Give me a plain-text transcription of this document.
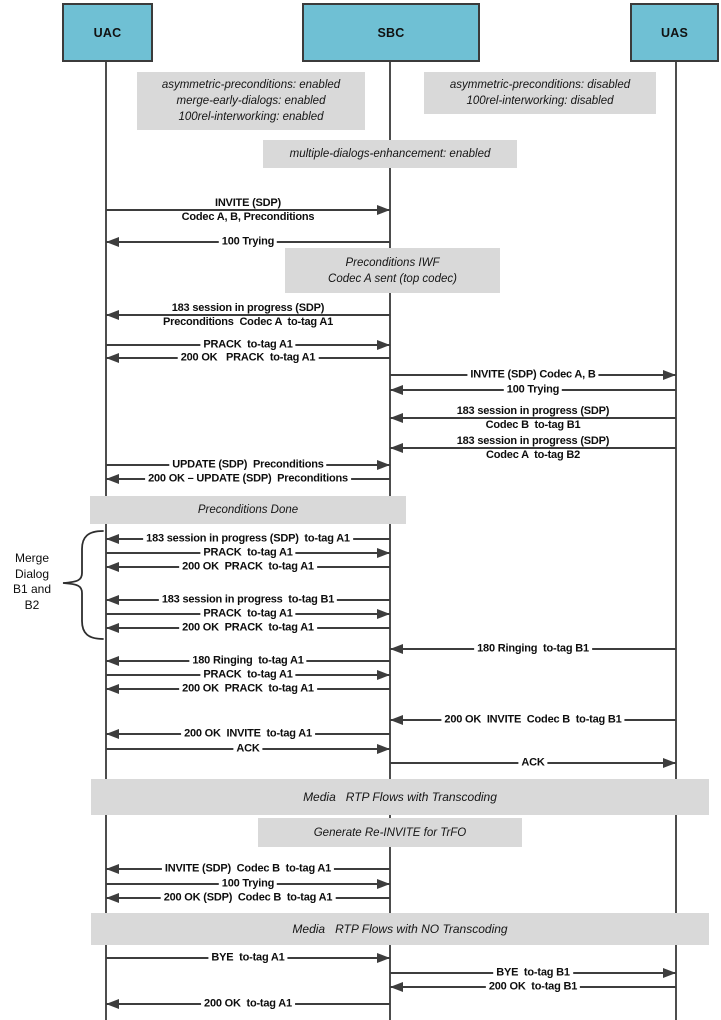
UAC	SBC	UAS
asymmetric-preconditions: enabled
merge-early-dialogs: enabled
100rel-interworking: enabled
asymmetric-preconditions: disabled
100rel-interworking: disabled
multiple-dialogs-enhancement: enabled
Preconditions IWF
Codec A sent (top codec)
Preconditions Done
Media   RTP Flows with Transcoding
Generate Re-INVITE for TrFO
Media   RTP Flows with NO Transcoding
Merge
Dialog
B1 and
B2
INVITE (SDP)
Codec A, B, Preconditions
100 Trying
183 session in progress (SDP)
Preconditions  Codec A  to-tag A1
PRACK  to-tag A1
200 OK   PRACK  to-tag A1
INVITE (SDP) Codec A, B
100 Trying
183 session in progress (SDP)
Codec B  to-tag B1
183 session in progress (SDP)
Codec A  to-tag B2
UPDATE (SDP)  Preconditions
200 OK – UPDATE (SDP)  Preconditions
183 session in progress (SDP)  to-tag A1
PRACK  to-tag A1
200 OK  PRACK  to-tag A1
183 session in progress  to-tag B1
PRACK  to-tag A1
200 OK  PRACK  to-tag A1
180 Ringing  to-tag B1
180 Ringing  to-tag A1
PRACK  to-tag A1
200 OK  PRACK  to-tag A1
200 OK  INVITE  Codec B  to-tag B1
200 OK  INVITE  to-tag A1
ACK
ACK
INVITE (SDP)  Codec B  to-tag A1
100 Trying
200 OK (SDP)  Codec B  to-tag A1
BYE  to-tag A1
BYE  to-tag B1
200 OK  to-tag B1
200 OK  to-tag A1
